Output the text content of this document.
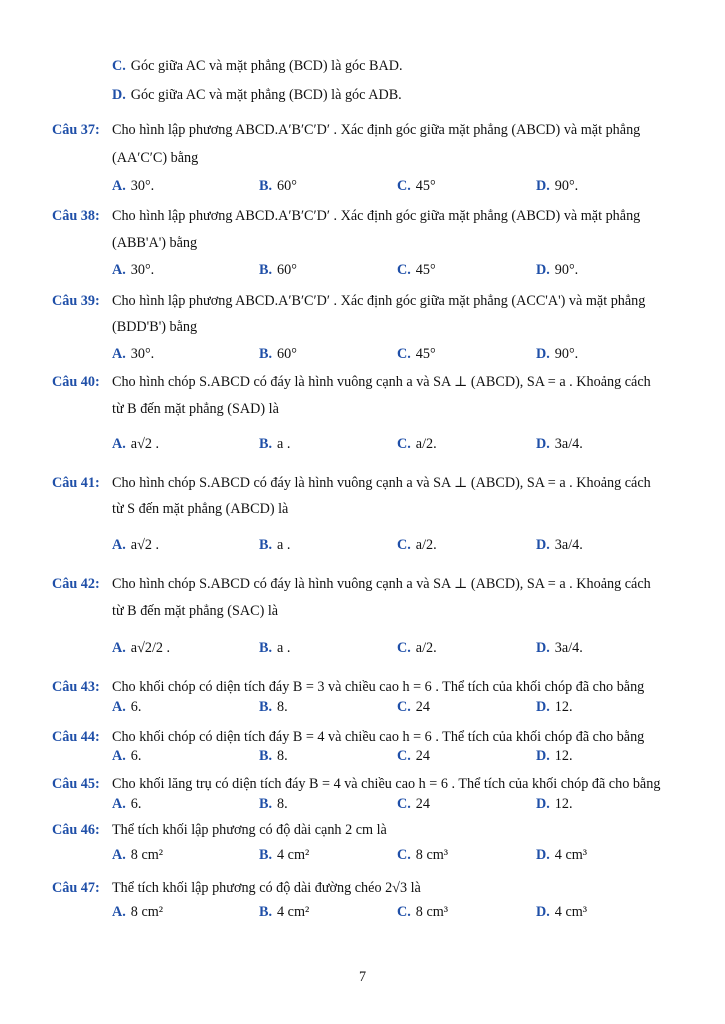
C. Góc giữa AC và mặt phẳng (BCD) là góc BAD.
D. Góc giữa AC và mặt phẳng (BCD) là góc ADB.
Câu 37: Cho hình lập phương ABCD.A′B′C′D′ . Xác định góc giữa mặt phẳng (ABCD) và mặt phẳng
(AA′C′C) bằng
A. 30°.	B. 60°	C. 45°	D. 90°.
Câu 38: Cho hình lập phương ABCD.A′B′C′D′ . Xác định góc giữa mặt phẳng (ABCD) và mặt phẳng
(ABB'A') bằng
A. 30°.	B. 60°	C. 45°	D. 90°.
Câu 39: Cho hình lập phương ABCD.A′B′C′D′ . Xác định góc giữa mặt phẳng (ACC'A') và mặt phẳng
(BDD'B') bằng
A. 30°.	B. 60°	C. 45°	D. 90°.
Câu 40: Cho hình chóp S.ABCD có đáy là hình vuông cạnh a và SA ⊥ (ABCD), SA = a . Khoảng cách
từ B đến mặt phẳng (SAD) là
A. a√2 .	B. a .	C. a/2.	D. 3a/4.
Câu 41: Cho hình chóp S.ABCD có đáy là hình vuông cạnh a và SA ⊥ (ABCD), SA = a . Khoảng cách
từ S đến mặt phẳng (ABCD) là
A. a√2 .	B. a .	C. a/2.	D. 3a/4.
Câu 42: Cho hình chóp S.ABCD có đáy là hình vuông cạnh a và SA ⊥ (ABCD), SA = a . Khoảng cách
từ B đến mặt phẳng (SAC) là
A. a√2/2 .	B. a .	C. a/2.	D. 3a/4.
Câu 43: Cho khối chóp có diện tích đáy B = 3 và chiều cao h = 6 . Thể tích của khối chóp đã cho bằng
A. 6.	B. 8.	C. 24	D. 12.
Câu 44: Cho khối chóp có diện tích đáy B = 4 và chiều cao h = 6 . Thể tích của khối chóp đã cho bằng
A. 6.	B. 8.	C. 24	D. 12.
Câu 45: Cho khối lăng trụ có diện tích đáy B = 4 và chiều cao h = 6 . Thể tích của khối chóp đã cho bằng
A. 6.	B. 8.	C. 24	D. 12.
Câu 46: Thể tích khối lập phương có độ dài cạnh 2 cm là
A. 8 cm²	B. 4 cm²	C. 8 cm³	D. 4 cm³
Câu 47: Thể tích khối lập phương có độ dài đường chéo 2√3 là
A. 8 cm²	B. 4 cm²	C. 8 cm³	D. 4 cm³
7
